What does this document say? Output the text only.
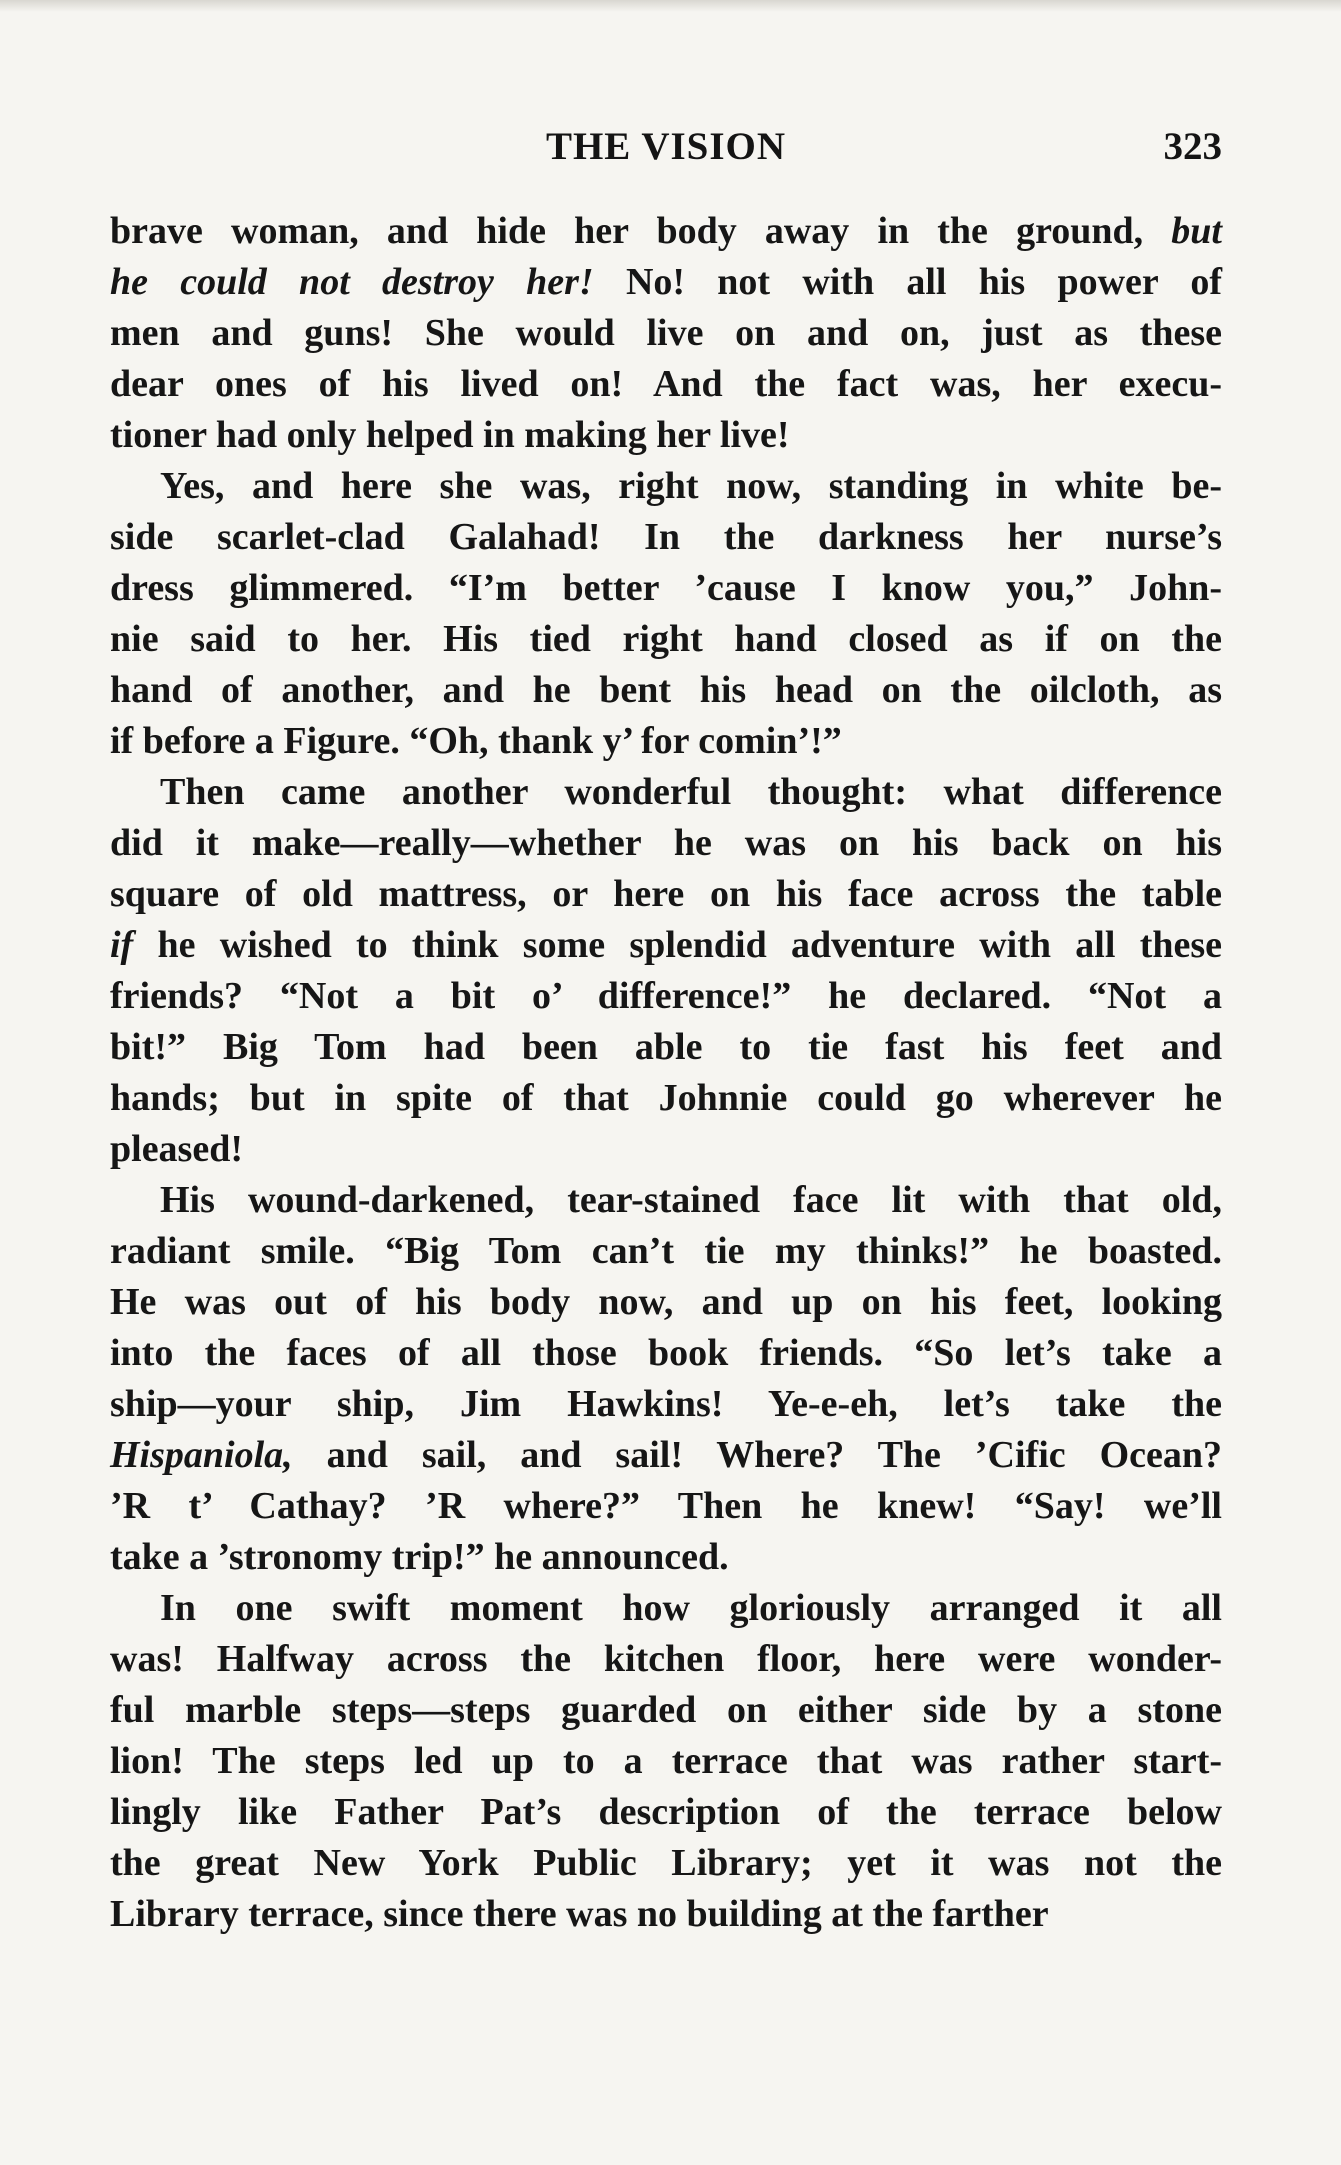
THE VISION	323
brave woman, and hide her body away in the ground, but
he could not destroy her! No! not with all his power of
men and guns! She would live on and on, just as these
dear ones of his lived on! And the fact was, her execu-
tioner had only helped in making her live!
Yes, and here she was, right now, standing in white be-
side scarlet-clad Galahad! In the darkness her nurse’s
dress glimmered. “I’m better ’cause I know you,” John-
nie said to her. His tied right hand closed as if on the
hand of another, and he bent his head on the oilcloth, as
if before a Figure. “Oh, thank y’ for comin’!”
Then came another wonderful thought: what difference
did it make—really—whether he was on his back on his
square of old mattress, or here on his face across the table
if he wished to think some splendid adventure with all these
friends? “Not a bit o’ difference!” he declared. “Not a
bit!” Big Tom had been able to tie fast his feet and
hands; but in spite of that Johnnie could go wherever he
pleased!
His wound-darkened, tear-stained face lit with that old,
radiant smile. “Big Tom can’t tie my thinks!” he boasted.
He was out of his body now, and up on his feet, looking
into the faces of all those book friends. “So let’s take a
ship—your ship, Jim Hawkins! Ye-e-eh, let’s take the
Hispaniola, and sail, and sail! Where? The ’Cific Ocean?
’R t’ Cathay? ’R where?” Then he knew! “Say! we’ll
take a ’stronomy trip!” he announced.
In one swift moment how gloriously arranged it all
was! Halfway across the kitchen floor, here were wonder-
ful marble steps—steps guarded on either side by a stone
lion! The steps led up to a terrace that was rather start-
lingly like Father Pat’s description of the terrace below
the great New York Public Library; yet it was not the
Library terrace, since there was no building at the farther
